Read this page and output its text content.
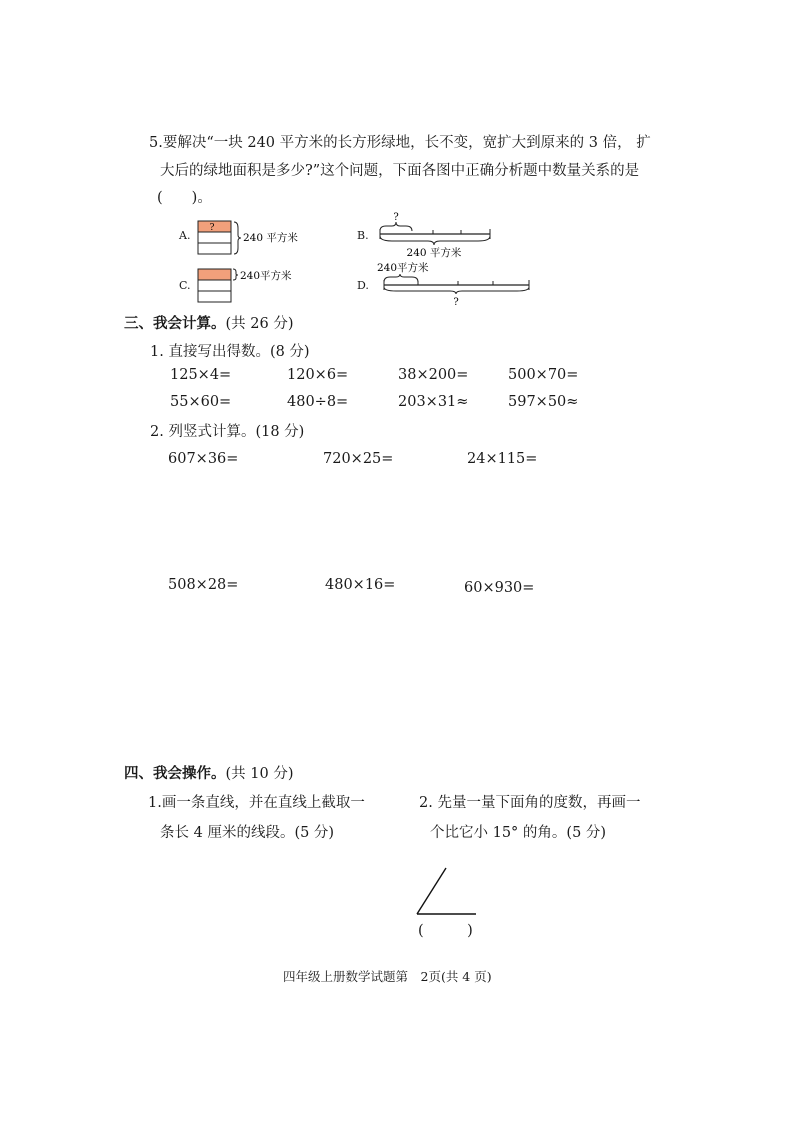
5.要解决“一块 240 平方米的长方形绿地，长不变，宽扩大到原来的 3 倍， 扩
大后的绿地面积是多少?”这个问题，下面各图中正确分析题中数量关系的是
(　　)。
A.
?
240 平方米	B.
?
240 平方米
C.
240平方米
D.
240平方米
?
三、我会计算。(共 26 分)
1. 直接写出得数。(8 分)
125×4=	120×6=	38×200=	500×70=
55×60=	480÷8=	203×31≈	597×50≈
2. 列竖式计算。(18 分)
607×36=	720×25=	24×115=
508×28=	480×16=	60×930=
四、我会操作。(共 10 分)
1.画一条直线，并在直线上截取一
条长 4 厘米的线段。(5 分)
2. 先量一量下面角的度数，再画一
个比它小 15° 的角。(5 分)
(　　　)
四年级上册数学试题第　2页(共 4 页)
